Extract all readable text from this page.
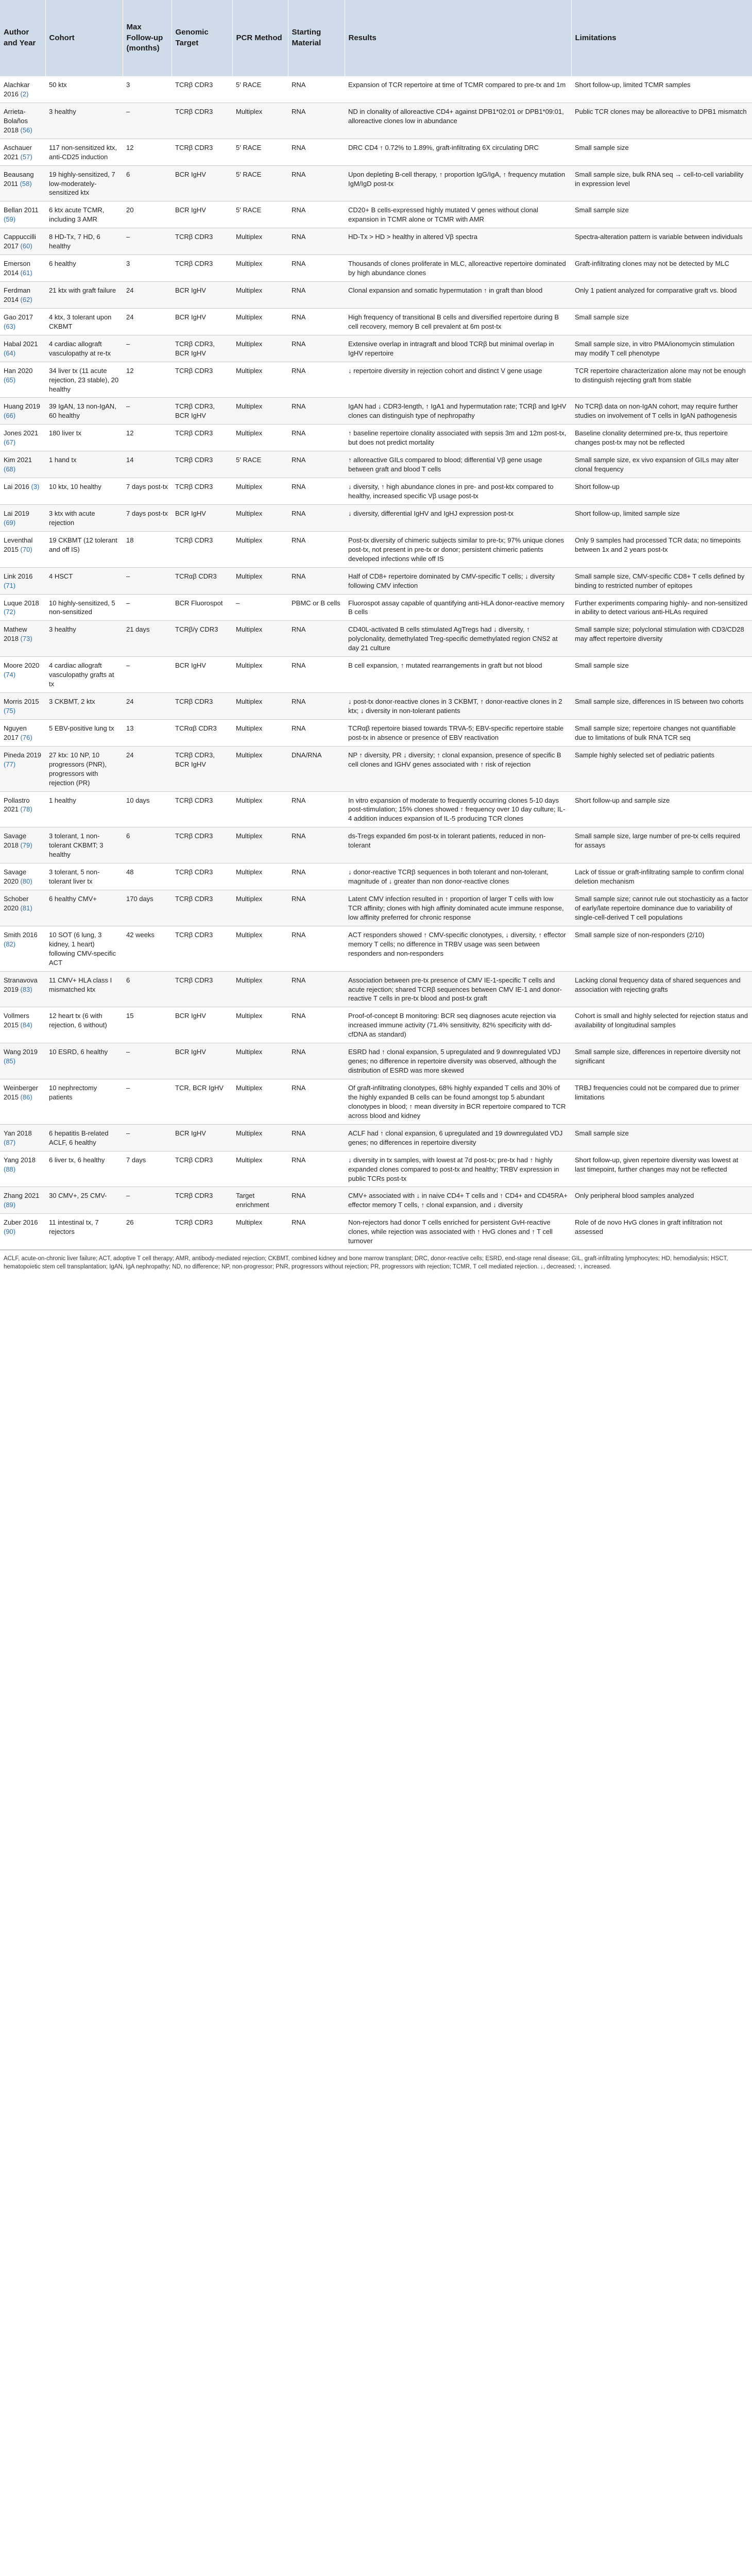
Author and Year	Cohort	Max Follow-up (months)	Genomic Target	PCR Method	Starting Material	Results	Limitations
Alachkar 2016 (2)	50 ktx	3	TCRβ CDR3	5' RACE	RNA	Expansion of TCR repertoire at time of TCMR compared to pre-tx and 1m	Short follow-up, limited TCMR samples
Arrieta-Bolaños 2018 (56)	3 healthy	–	TCRβ CDR3	Multiplex	RNA	ND in clonality of alloreactive CD4+ against DPB1*02:01 or DPB1*09:01, alloreactive clones low in abundance	Public TCR clones may be alloreactive to DPB1 mismatch
Aschauer 2021 (57)	117 non-sensitized ktx, anti-CD25 induction	12	TCRβ CDR3	5' RACE	RNA	DRC CD4 ↑ 0.72% to 1.89%, graft-infiltrating 6X circulating DRC	Small sample size
Beausang 2011 (58)	19 highly-sensitized, 7 low-moderately-sensitized ktx	6	BCR IgHV	5' RACE	RNA	Upon depleting B-cell therapy, ↑ proportion IgG/IgA, ↑ frequency mutation IgM/IgD post-tx	Small sample size, bulk RNA seq → cell-to-cell variability in expression level
Bellan 2011 (59)	6 ktx acute TCMR, including 3 AMR	20	BCR IgHV	5' RACE	RNA	CD20+ B cells-expressed highly mutated V genes without clonal expansion in TCMR alone or TCMR with AMR	Small sample size
Cappuccilli 2017 (60)	8 HD-Tx, 7 HD, 6 healthy	–	TCRβ CDR3	Multiplex	RNA	HD-Tx > HD > healthy in altered Vβ spectra	Spectra-alteration pattern is variable between individuals
Emerson 2014 (61)	6 healthy	3	TCRβ CDR3	Multiplex	RNA	Thousands of clones proliferate in MLC, alloreactive repertoire dominated by high abundance clones	Graft-infiltrating clones may not be detected by MLC
Ferdman 2014 (62)	21 ktx with graft failure	24	BCR IgHV	Multiplex	RNA	Clonal expansion and somatic hypermutation ↑ in graft than blood	Only 1 patient analyzed for comparative graft vs. blood
Gao 2017 (63)	4 ktx, 3 tolerant upon CKBMT	24	BCR IgHV	Multiplex	RNA	High frequency of transitional B cells and diversified repertoire during B cell recovery, memory B cell prevalent at 6m post-tx	Small sample size
Habal 2021 (64)	4 cardiac allograft vasculopathy at re-tx	–	TCRβ CDR3, BCR IgHV	Multiplex	RNA	Extensive overlap in intragraft and blood TCRβ but minimal overlap in IgHV repertoire	Small sample size, in vitro PMA/ionomycin stimulation may modify T cell phenotype
Han 2020 (65)	34 liver tx (11 acute rejection, 23 stable), 20 healthy	12	TCRβ CDR3	Multiplex	RNA	↓ repertoire diversity in rejection cohort and distinct V gene usage	TCR repertoire characterization alone may not be enough to distinguish rejecting graft from stable
Huang 2019 (66)	39 IgAN, 13 non-IgAN, 60 healthy	–	TCRβ CDR3, BCR IgHV	Multiplex	RNA	IgAN had ↓ CDR3-length, ↑ IgA1 and hypermutation rate; TCRβ and IgHV clones can distinguish type of nephropathy	No TCRβ data on non-IgAN cohort, may require further studies on involvement of T cells in IgAN pathogenesis
Jones 2021 (67)	180 liver tx	12	TCRβ CDR3	Multiplex	RNA	↑ baseline repertoire clonality associated with sepsis 3m and 12m post-tx, but does not predict mortality	Baseline clonality determined pre-tx, thus repertoire changes post-tx may not be reflected
Kim 2021 (68)	1 hand tx	14	TCRβ CDR3	5' RACE	RNA	↑ alloreactive GILs compared to blood; differential Vβ gene usage between graft and blood T cells	Small sample size, ex vivo expansion of GILs may alter clonal frequency
Lai 2016 (3)	10 ktx, 10 healthy	7 days post-tx	TCRβ CDR3	Multiplex	RNA	↓ diversity, ↑ high abundance clones in pre- and post-ktx compared to healthy, increased specific Vβ usage post-tx	Short follow-up
Lai 2019 (69)	3 ktx with acute rejection	7 days post-tx	BCR IgHV	Multiplex	RNA	↓ diversity, differential IgHV and IgHJ expression post-tx	Short follow-up, limited sample size
Leventhal 2015 (70)	19 CKBMT (12 tolerant and off IS)	18	TCRβ CDR3	Multiplex	RNA	Post-tx diversity of chimeric subjects similar to pre-tx; 97% unique clones post-tx, not present in pre-tx or donor; persistent chimeric patients developed infections while off IS	Only 9 samples had processed TCR data; no timepoints between 1x and 2 years post-tx
Link 2016 (71)	4 HSCT	–	TCRαβ CDR3	Multiplex	RNA	Half of CD8+ repertoire dominated by CMV-specific T cells; ↓ diversity following CMV infection	Small sample size, CMV-specific CD8+ T cells defined by binding to restricted number of epitopes
Luque 2018 (72)	10 highly-sensitized, 5 non-sensitized	–	BCR Fluorospot	–	PBMC or B cells	Fluorospot assay capable of quantifying anti-HLA donor-reactive memory B cells	Further experiments comparing highly- and non-sensitized in ability to detect various anti-HLAs required
Mathew 2018 (73)	3 healthy	21 days	TCRβ/γ CDR3	Multiplex	RNA	CD40L-activated B cells stimulated AgTregs had ↓ diversity, ↑ polyclonality, demethylated Treg-specific demethylated region CNS2 at day 21 culture	Small sample size; polyclonal stimulation with CD3/CD28 may affect repertoire diversity
Moore 2020 (74)	4 cardiac allograft vasculopathy grafts at tx	–	BCR IgHV	Multiplex	RNA	B cell expansion, ↑ mutated rearrangements in graft but not blood	Small sample size
Morris 2015 (75)	3 CKBMT, 2 ktx	24	TCRβ CDR3	Multiplex	RNA	↓ post-tx donor-reactive clones in 3 CKBMT, ↑ donor-reactive clones in 2 ktx; ↓ diversity in non-tolerant patients	Small sample size, differences in IS between two cohorts
Nguyen 2017 (76)	5 EBV-positive lung tx	13	TCRαβ CDR3	Multiplex	RNA	TCRαβ repertoire biased towards TRVA-5; EBV-specific repertoire stable post-tx in absence or presence of EBV reactivation	Small sample size; repertoire changes not quantifiable due to limitations of bulk RNA TCR seq
Pineda 2019 (77)	27 ktx: 10 NP, 10 progressors (PNR), progressors with rejection (PR)	24	TCRβ CDR3, BCR IgHV	Multiplex	DNA/RNA	NP ↑ diversity, PR ↓ diversity; ↑ clonal expansion, presence of specific B cell clones and IGHV genes associated with ↑ risk of rejection	Sample highly selected set of pediatric patients
Pollastro 2021 (78)	1 healthy	10 days	TCRβ CDR3	Multiplex	RNA	In vitro expansion of moderate to frequently occurring clones 5-10 days post-stimulation; 15% clones showed ↑ frequency over 10 day culture; IL-4 addition induces expansion of IL-5 producing TCR clones	Short follow-up and sample size
Savage 2018 (79)	3 tolerant, 1 non-tolerant CKBMT; 3 healthy	6	TCRβ CDR3	Multiplex	RNA	ds-Tregs expanded 6m post-tx in tolerant patients, reduced in non-tolerant	Small sample size, large number of pre-tx cells required for assays
Savage 2020 (80)	3 tolerant, 5 non-tolerant liver tx	48	TCRβ CDR3	Multiplex	RNA	↓ donor-reactive TCRβ sequences in both tolerant and non-tolerant, magnitude of ↓ greater than non donor-reactive clones	Lack of tissue or graft-infiltrating sample to confirm clonal deletion mechanism
Schober 2020 (81)	6 healthy CMV+	170 days	TCRβ CDR3	Multiplex	RNA	Latent CMV infection resulted in ↑ proportion of larger T cells with low TCR affinity; clones with high affinity dominated acute immune response, low affinity preferred for chronic response	Small sample size; cannot rule out stochasticity as a factor of early/late repertoire dominance due to variability of single-cell-derived T cell populations
Smith 2016 (82)	10 SOT (6 lung, 3 kidney, 1 heart) following CMV-specific ACT	42 weeks	TCRβ CDR3	Multiplex	RNA	ACT responders showed ↑ CMV-specific clonotypes, ↓ diversity, ↑ effector memory T cells; no difference in TRBV usage was seen between responders and non-responders	Small sample size of non-responders (2/10)
Stranavova 2019 (83)	11 CMV+ HLA class I mismatched ktx	6	TCRβ CDR3	Multiplex	RNA	Association between pre-tx presence of CMV IE-1-specific T cells and acute rejection; shared TCRβ sequences between CMV IE-1 and donor-reactive T cells in pre-tx blood and post-tx graft	Lacking clonal frequency data of shared sequences and association with rejecting grafts
Vollmers 2015 (84)	12 heart tx (6 with rejection, 6 without)	15	BCR IgHV	Multiplex	RNA	Proof-of-concept B monitoring: BCR seq diagnoses acute rejection via increased immune activity (71.4% sensitivity, 82% specificity with dd-cfDNA as standard)	Cohort is small and highly selected for rejection status and availability of longitudinal samples
Wang 2019 (85)	10 ESRD, 6 healthy	–	BCR IgHV	Multiplex	RNA	ESRD had ↑ clonal expansion, 5 upregulated and 9 downregulated VDJ genes; no difference in repertoire diversity was observed, although the distribution of ESRD was more skewed	Small sample size, differences in repertoire diversity not significant
Weinberger 2015 (86)	10 nephrectomy patients	–	TCR, BCR IgHV	Multiplex	RNA	Of graft-infiltrating clonotypes, 68% highly expanded T cells and 30% of the highly expanded B cells can be found amongst top 5 abundant clonotypes in blood; ↑ mean diversity in BCR repertoire compared to TCR across blood and kidney	TRBJ frequencies could not be compared due to primer limitations
Yan 2018 (87)	6 hepatitis B-related ACLF, 6 healthy	–	BCR IgHV	Multiplex	RNA	ACLF had ↑ clonal expansion, 6 upregulated and 19 downregulated VDJ genes; no differences in repertoire diversity	Small sample size
Yang 2018 (88)	6 liver tx, 6 healthy	7 days	TCRβ CDR3	Multiplex	RNA	↓ diversity in tx samples, with lowest at 7d post-tx; pre-tx had ↑ highly expanded clones compared to post-tx and healthy; TRBV expression in public TCRs post-tx	Short follow-up, given repertoire diversity was lowest at last timepoint, further changes may not be reflected
Zhang 2021 (89)	30 CMV+, 25 CMV-	–	TCRβ CDR3	Target enrichment	RNA	CMV+ associated with ↓ in naive CD4+ T cells and ↑ CD4+ and CD45RA+ effector memory T cells, ↑ clonal expansion, and ↓ diversity	Only peripheral blood samples analyzed
Zuber 2016 (90)	11 intestinal tx, 7 rejectors	26	TCRβ CDR3	Multiplex	RNA	Non-rejectors had donor T cells enriched for persistent GvH-reactive clones, while rejection was associated with ↑ HvG clones and ↑ T cell turnover	Role of de novo HvG clones in graft infiltration not assessed
ACLF, acute-on-chronic liver failure; ACT, adoptive T cell therapy; AMR, antibody-mediated rejection; CKBMT, combined kidney and bone marrow transplant; DRC, donor-reactive cells; ESRD, end-stage renal disease; GIL, graft-infiltrating lymphocytes; HD, hemodialysis; HSCT, hematopoietic stem cell transplantation; IgAN, IgA nephropathy; ND, no difference; NP, non-progressor; PNR, progressors without rejection; PR, progressors with rejection; TCMR, T cell mediated rejection. ↓, decreased; ↑, increased.
